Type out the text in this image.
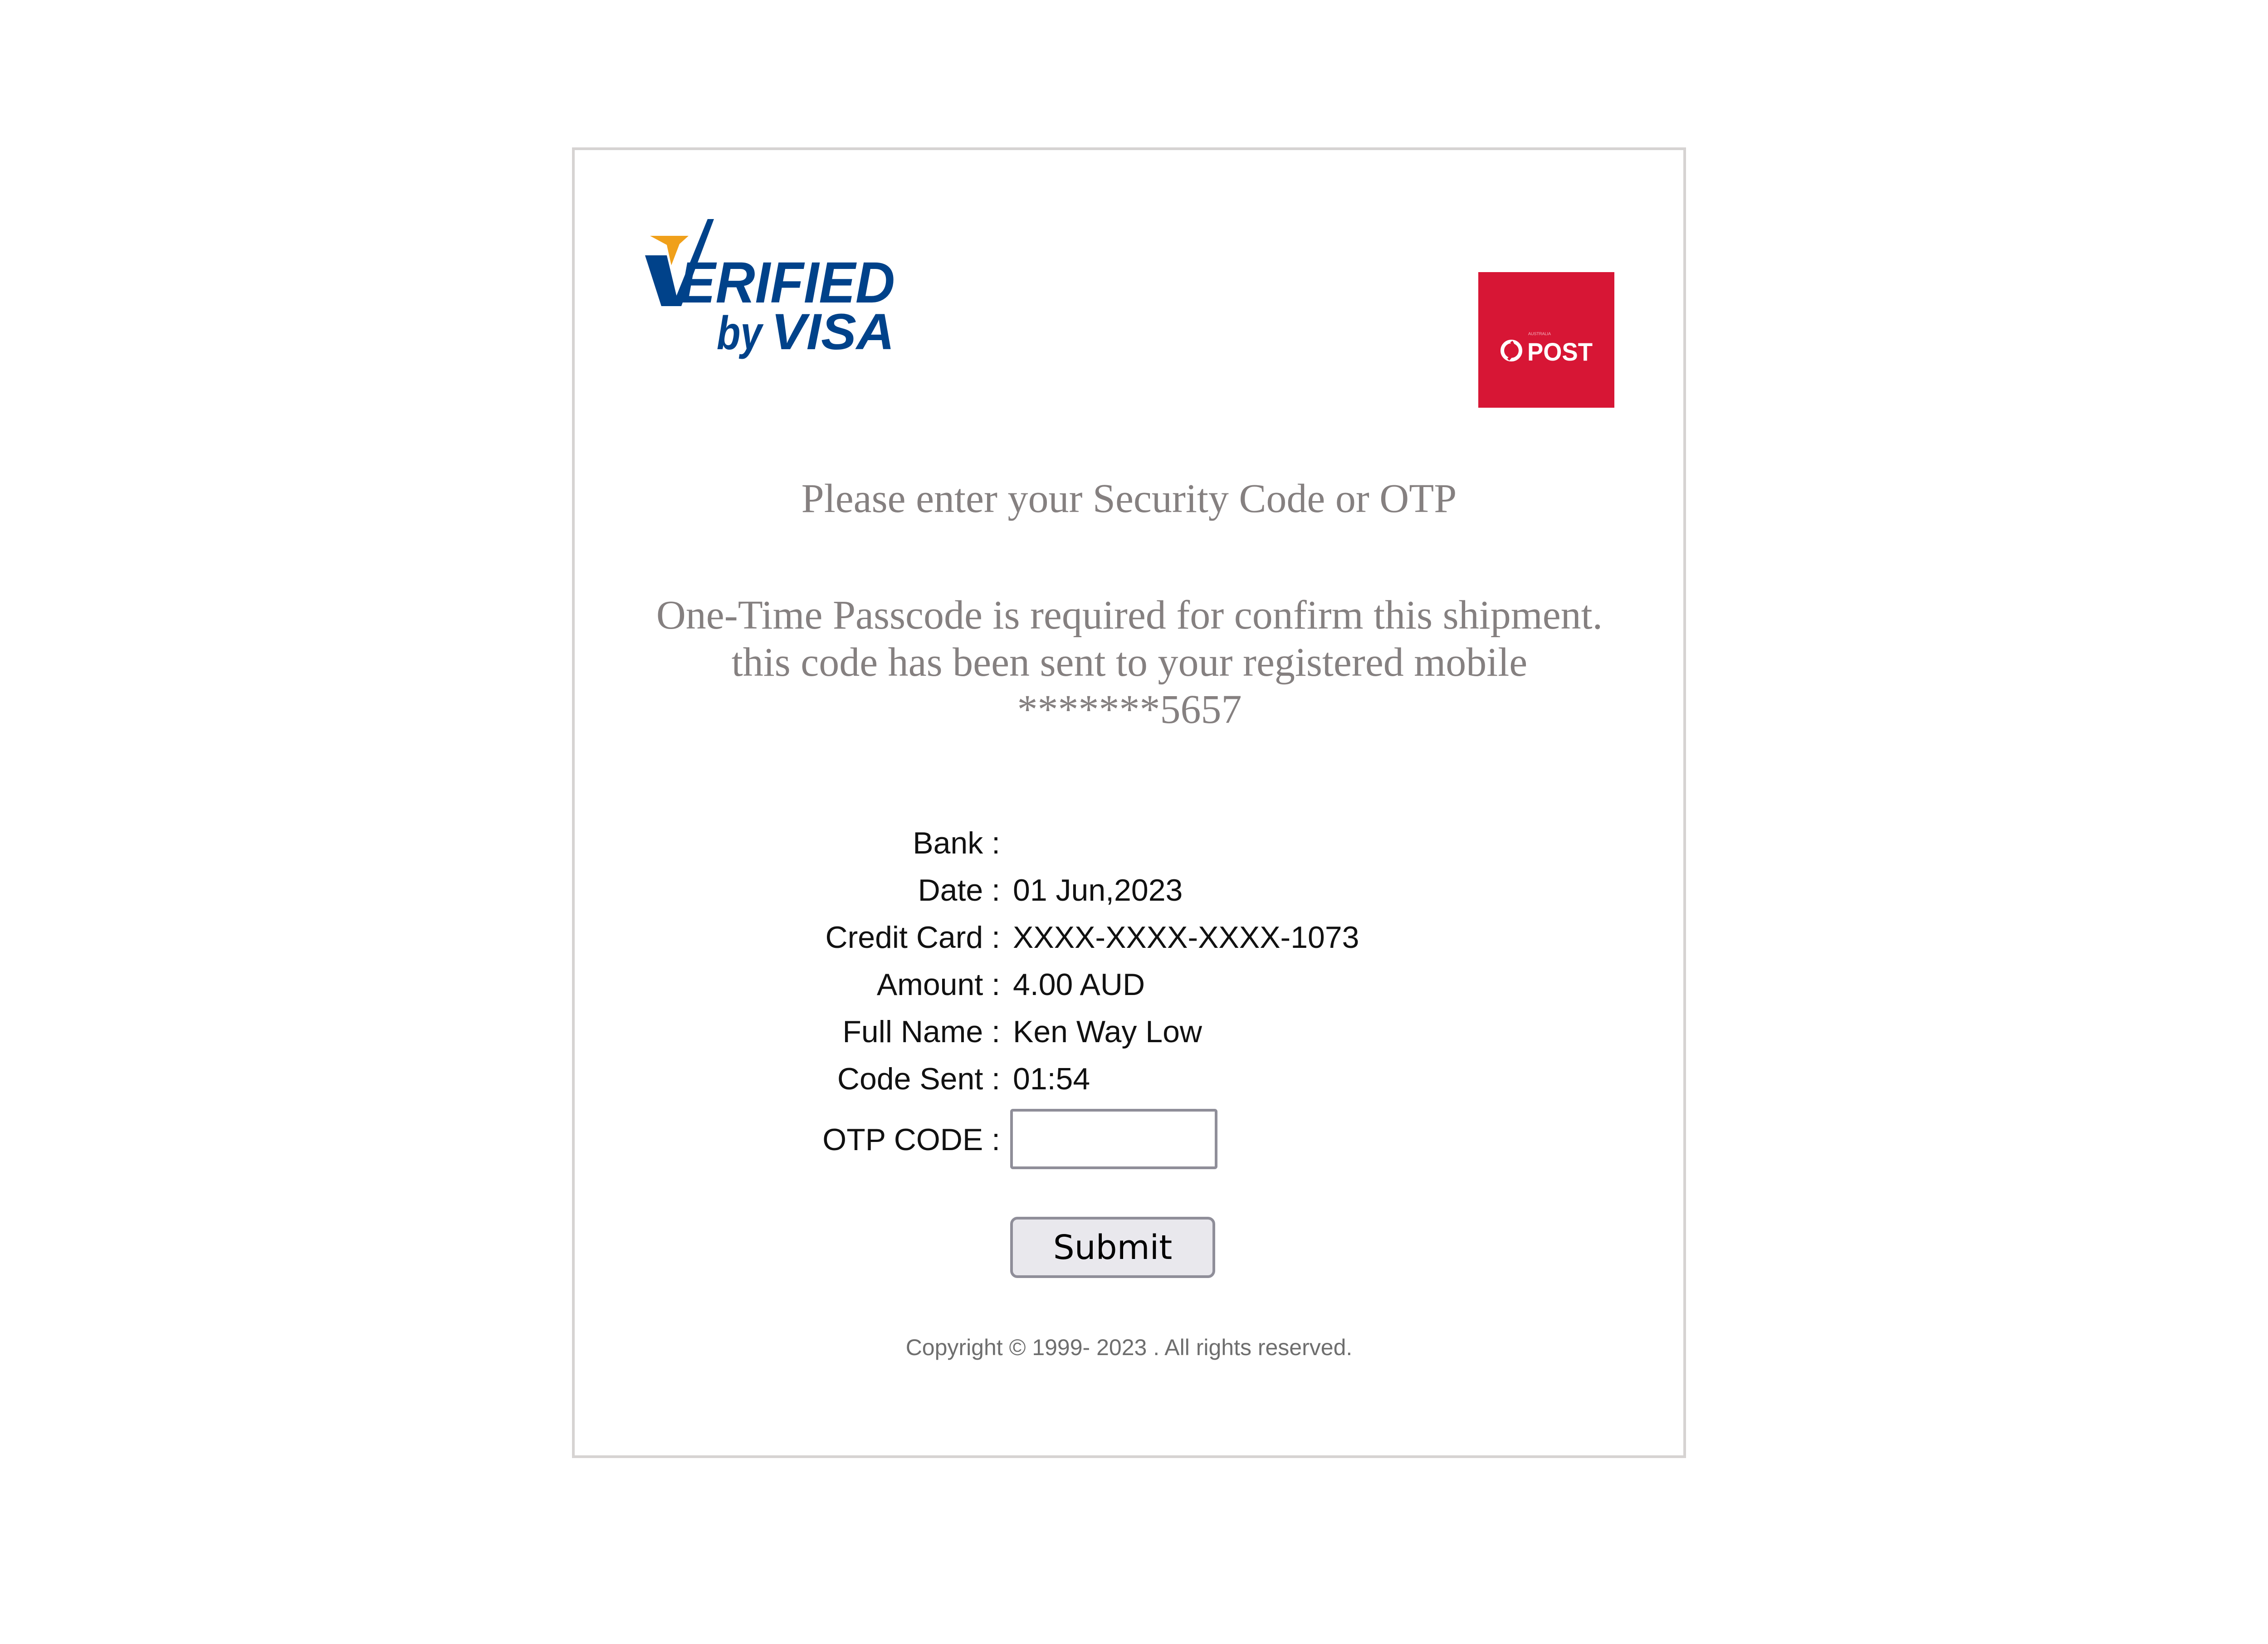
ERIFIED
by VISA	AUSTRALIA
POST
Please enter your Security Code or OTP

One-Time Passcode is required for confirm this shipment. this code has been sent to your registered mobile *******5657

Bank :
Date : 01 Jun,2023
Credit Card : XXXX-XXXX-XXXX-1073
Amount : 4.00 AUD
Full Name : Ken Way Low
Code Sent : 01:54
OTP CODE :
Submit

Copyright © 1999- 2023 . All rights reserved.
